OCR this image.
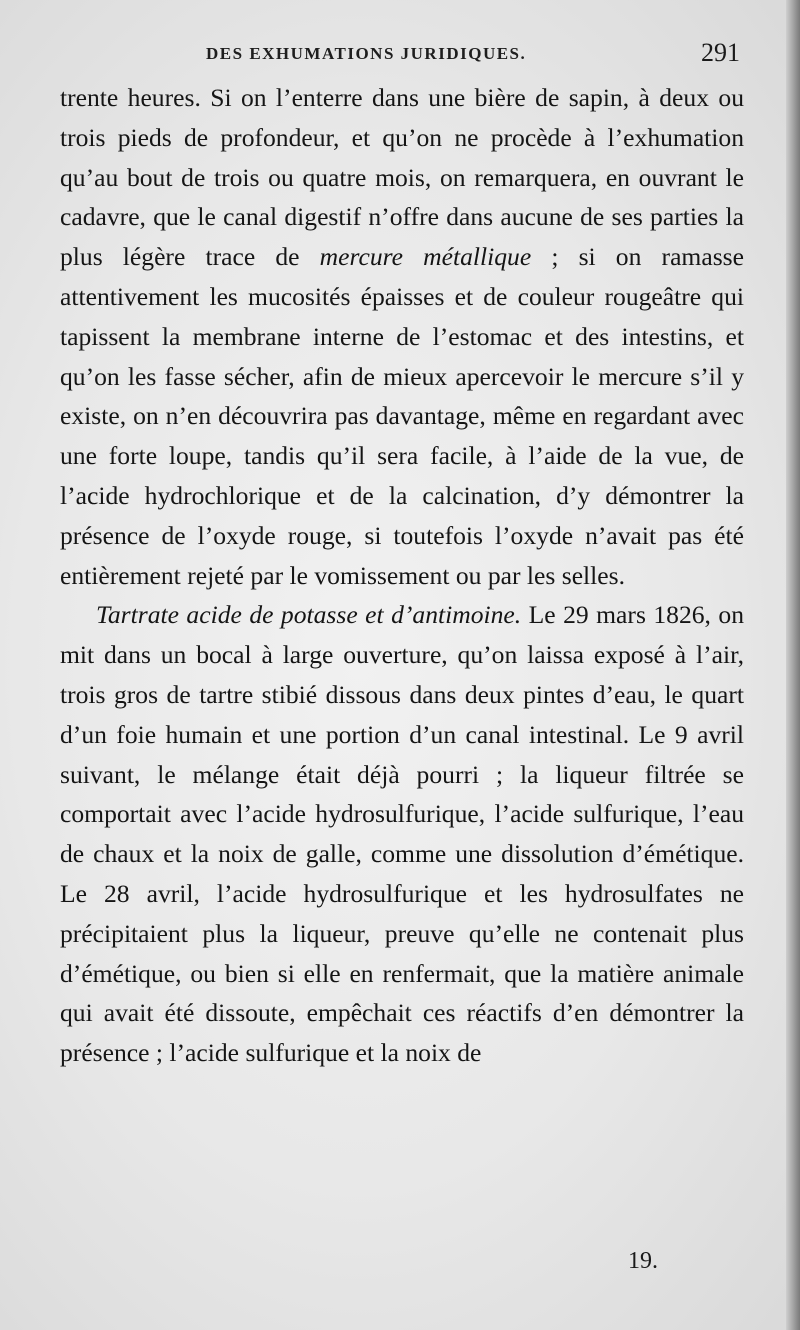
DES EXHUMATIONS JURIDIQUES.	291

trente heures. Si on l’enterre dans une bière de sapin, à deux ou trois pieds de profondeur, et qu’on ne procède à l’exhumation qu’au bout de trois ou quatre mois, on remarquera, en ouvrant le cadavre, que le canal digestif n’offre dans aucune de ses parties la plus légère trace de mercure métallique ; si on ramasse attentivement les mucosités épaisses et de couleur rougeâtre qui tapissent la membrane interne de l’estomac et des intestins, et qu’on les fasse sécher, afin de mieux apercevoir le mercure s’il y existe, on n’en découvrira pas davantage, même en regardant avec une forte loupe, tandis qu’il sera facile, à l’aide de la vue, de l’acide hydrochlorique et de la calcination, d’y démontrer la présence de l’oxyde rouge, si toutefois l’oxyde n’avait pas été entièrement rejeté par le vomissement ou par les selles.

Tartrate acide de potasse et d’antimoine. Le 29 mars 1826, on mit dans un bocal à large ouverture, qu’on laissa exposé à l’air, trois gros de tartre stibié dissous dans deux pintes d’eau, le quart d’un foie humain et une portion d’un canal intestinal. Le 9 avril suivant, le mélange était déjà pourri ; la liqueur filtrée se comportait avec l’acide hydrosulfurique, l’acide sulfurique, l’eau de chaux et la noix de galle, comme une dissolution d’émétique. Le 28 avril, l’acide hydrosulfurique et les hydrosulfates ne précipitaient plus la liqueur, preuve qu’elle ne contenait plus d’émétique, ou bien si elle en renfermait, que la matière animale qui avait été dissoute, empêchait ces réactifs d’en démontrer la présence ; l’acide sulfurique et la noix de

19.
